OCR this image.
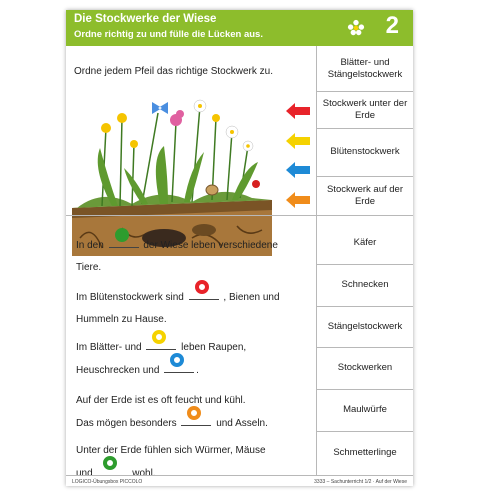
Die Stockwerke der Wiese
Ordne richtig zu und fülle die Lücken aus.	2
Ordne jedem Pfeil das richtige Stockwerk zu.
In den	der Wiese leben verschiedene
Tiere.
Im Blütenstockwerk sind	, Bienen und
Hummeln zu Hause.
Im Blätter- und	leben Raupen,
Heuschrecken und	.
Auf der Erde ist es oft feucht und kühl.
Das mögen besonders	und Asseln.
Unter der Erde fühlen sich Würmer, Mäuse
und	wohl.
Blätter- und Stängelstockwerk
Stockwerk unter der Erde
Blütenstockwerk
Stockwerk auf der Erde
Käfer
Schnecken
Stängelstockwerk
Stockwerken
Maulwürfe
Schmetterlinge
LOGICO-Übungsbox PICCOLO	3333 – Sachunterricht 1/2 · Auf der Wiese
